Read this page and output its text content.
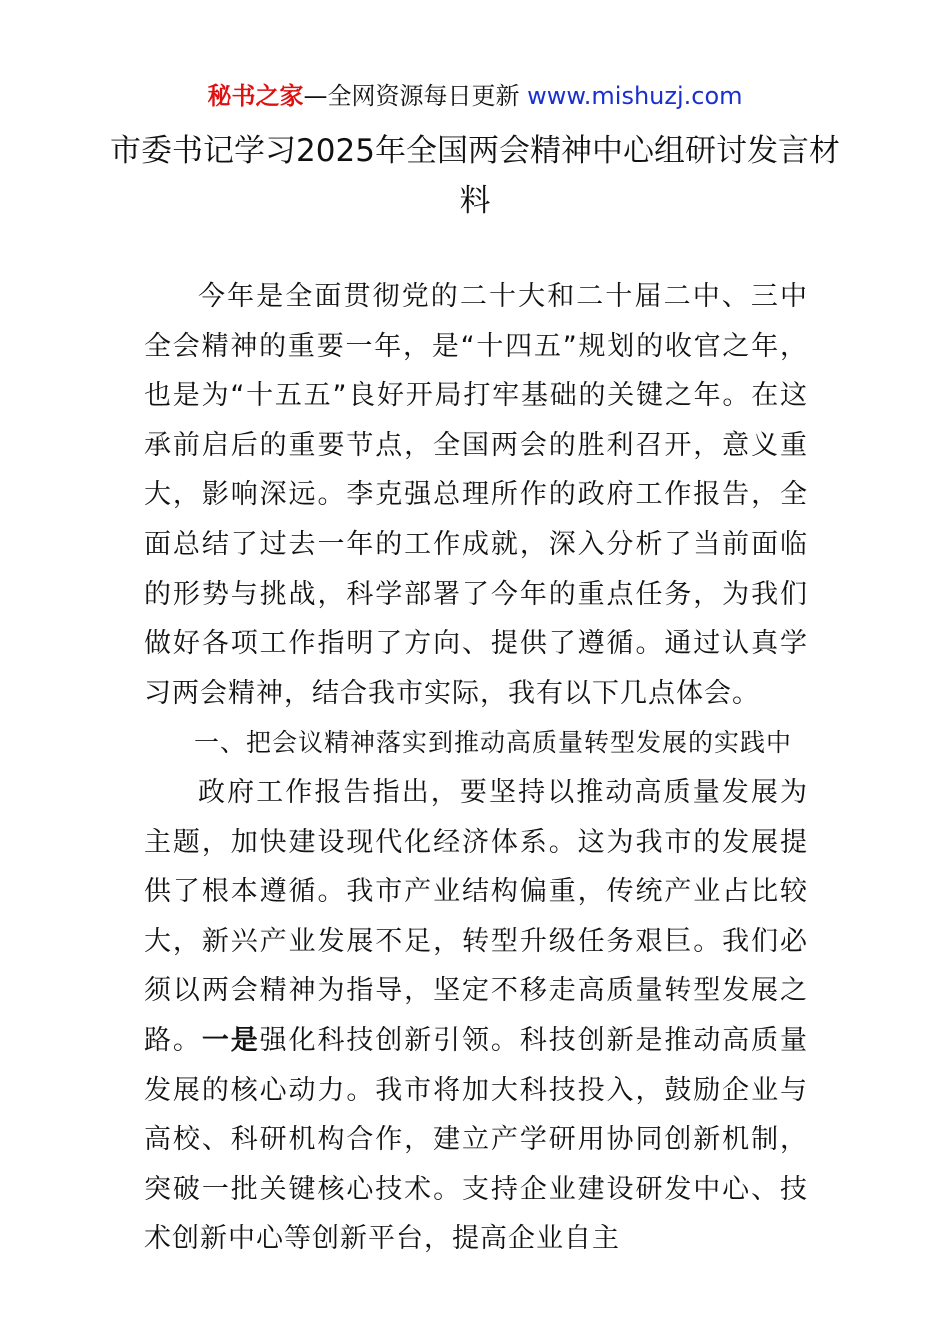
秘书之家—全网资源每日更新 www.mishuzj.com
市委书记学习2025年全国两会精神中心组研讨发言材料

今年是全面贯彻党的二十大和二十届二中、三中全会精神的重要一年，是“十四五”规划的收官之年，也是为“十五五”良好开局打牢基础的关键之年。在这承前启后的重要节点，全国两会的胜利召开，意义重大，影响深远。李克强总理所作的政府工作报告，全面总结了过去一年的工作成就，深入分析了当前面临的形势与挑战，科学部署了今年的重点任务，为我们做好各项工作指明了方向、提供了遵循。通过认真学习两会精神，结合我市实际，我有以下几点体会。

一、把会议精神落实到推动高质量转型发展的实践中

政府工作报告指出，要坚持以推动高质量发展为主题，加快建设现代化经济体系。这为我市的发展提供了根本遵循。我市产业结构偏重，传统产业占比较大，新兴产业发展不足，转型升级任务艰巨。我们必须以两会精神为指导，坚定不移走高质量转型发展之路。一是强化科技创新引领。科技创新是推动高质量发展的核心动力。我市将加大科技投入，鼓励企业与高校、科研机构合作，建立产学研用协同创新机制，突破一批关键核心技术。支持企业建设研发中心、技术创新中心等创新平台，提高企业自主
